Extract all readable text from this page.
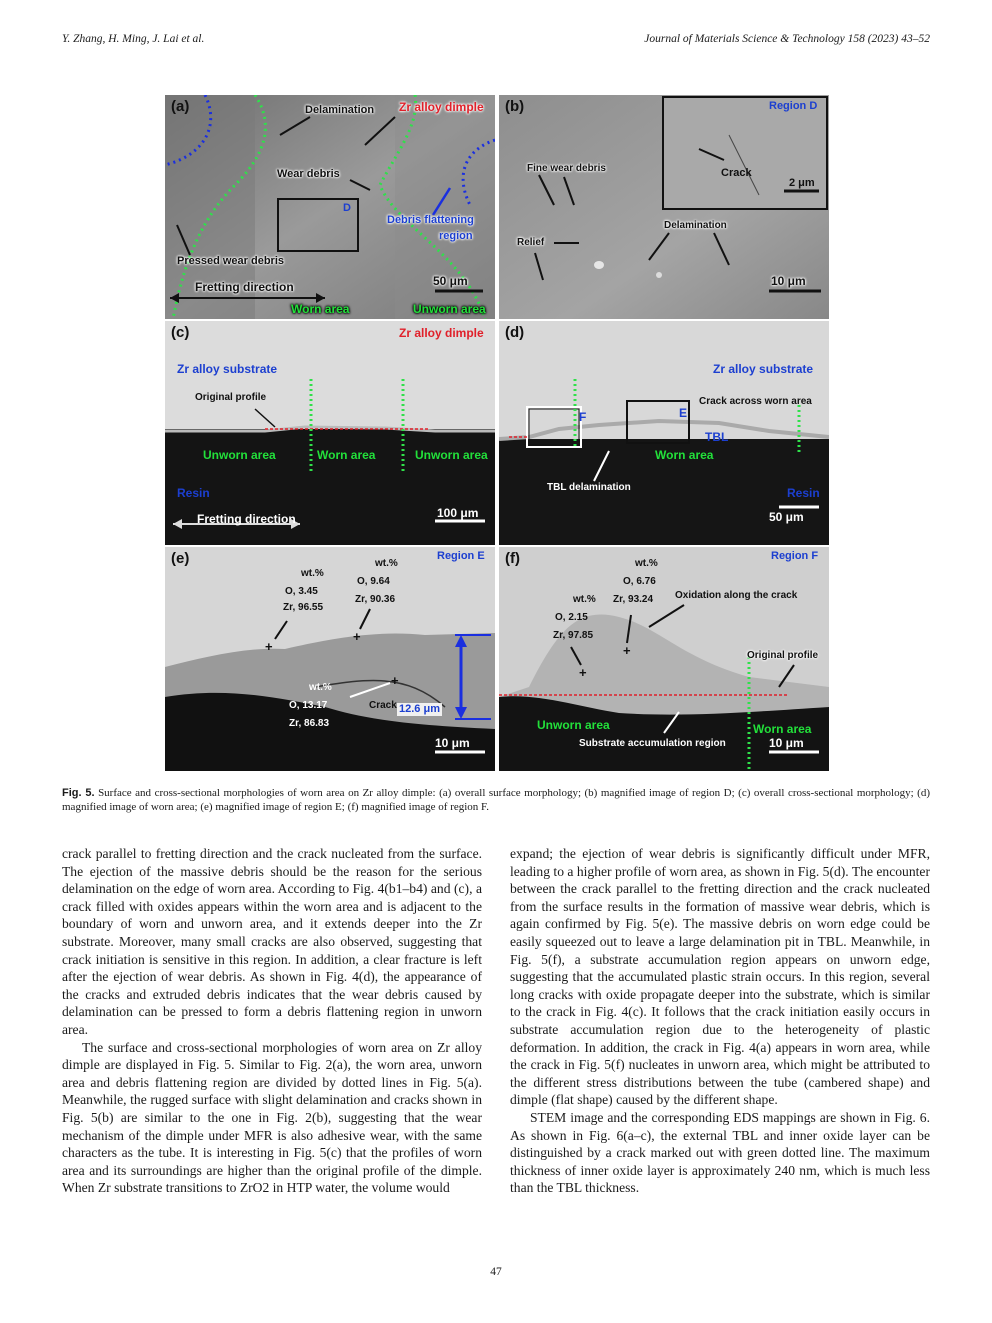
Y. Zhang, H. Ming, J. Lai et al.	Journal of Materials Science & Technology 158 (2023) 43–52
(a)	Delamination Zr alloy dimple
Wear debris
D
Debris flattening
region
Pressed wear debris
50 μm
Fretting direction
Worn area	Unworn area
(b)	Region D
Crack
2 μm
Fine wear debris
Delamination
Relief
10 μm
(c)	Zr alloy dimple
Zr alloy substrate
Original profile
Unworn area	Worn area	Unworn area
Resin
Fretting direction	100 μm
(d)
Zr alloy substrate
F	E
Crack across worn area
TBL
Worn area
TBL delamination	Resin
50 μm
+
+
+
(e)	Region E
wt.%
O, 3.45
Zr, 96.55
wt.%
O, 9.64
Zr, 90.36
wt.%
O, 13.17
Zr, 86.83
Crack 12.6 μm
10 μm
+
+
(f)	Region F
wt.%
O, 6.76
Zr, 93.24 Oxidation along the crack
wt.%
O, 2.15
Zr, 97.85
Original profile
Unworn area	Worn area
Substrate accumulation region	10 μm
Fig. 5. Surface and cross-sectional morphologies of worn area on Zr alloy dimple: (a) overall surface morphology; (b) magnified image of region D; (c) overall cross-sectional morphology; (d) magnified image of worn area; (e) magnified image of region E; (f) magnified image of region F.

crack parallel to fretting direction and the crack nucleated from the surface. The ejection of the massive debris should be the reason for the serious delamination on the edge of worn area. According to Fig. 4(b1–b4) and (c), a crack filled with oxides appears within the worn area and is adjacent to the boundary of worn and unworn area, and it extends deeper into the Zr substrate. Moreover, many small cracks are also observed, suggesting that crack initiation is sensitive in this region. In addition, a clear fracture is left after the ejection of wear debris. As shown in Fig. 4(d), the appearance of the cracks and extruded debris indicates that the wear debris caused by delamination can be pressed to form a debris flattening region in unworn area.

The surface and cross-sectional morphologies of worn area on Zr alloy dimple are displayed in Fig. 5. Similar to Fig. 2(a), the worn area, unworn area and debris flattening region are divided by dotted lines in Fig. 5(a). Meanwhile, the rugged surface with slight delamination and cracks shown in Fig. 5(b) are similar to the one in Fig. 2(b), suggesting that the wear mechanism of the dimple under MFR is also adhesive wear, with the same characters as the tube. It is interesting in Fig. 5(c) that the profiles of worn area and its surroundings are higher than the original profile of the dimple. When Zr substrate transitions to ZrO2 in HTP water, the volume would

expand; the ejection of wear debris is significantly difficult under MFR, leading to a higher profile of worn area, as shown in Fig. 5(d). The encounter between the crack parallel to the fretting direction and the crack nucleated from the surface results in the formation of massive wear debris, which is again confirmed by Fig. 5(e). The massive debris on worn edge could be easily squeezed out to leave a large delamination pit in TBL. Meanwhile, in Fig. 5(f), a substrate accumulation region appears on unworn edge, suggesting that the accumulated plastic strain occurs. In this region, several long cracks with oxide propagate deeper into the substrate, which is similar to the crack in Fig. 4(c). It follows that the crack initiation easily occurs in substrate accumulation region due to the heterogeneity of plastic deformation. In addition, the crack in Fig. 4(a) appears in worn area, while the crack in Fig. 5(f) nucleates in unworn area, which might be attributed to the different stress distributions between the tube (cambered shape) and dimple (flat shape) caused by the different shape.

STEM image and the corresponding EDS mappings are shown in Fig. 6. As shown in Fig. 6(a–c), the external TBL and inner oxide layer can be distinguished by a crack marked out with green dotted line. The maximum thickness of inner oxide layer is approximately 240 nm, which is much less than the TBL thickness.

47
